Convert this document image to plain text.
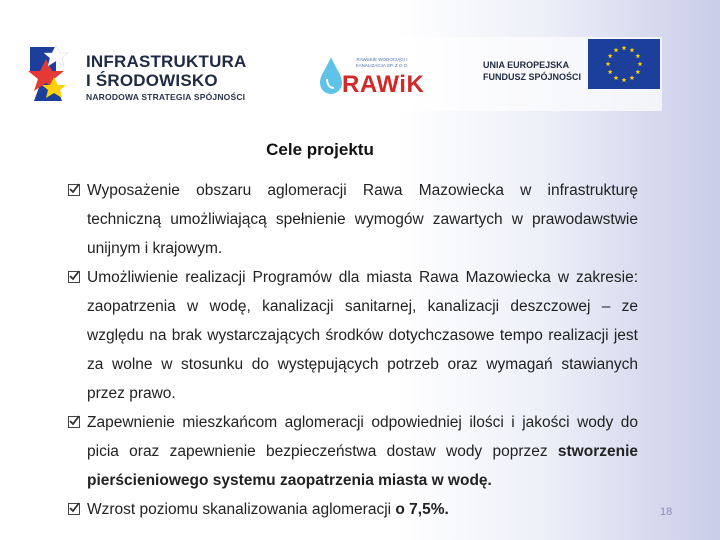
INFRASTRUKTURA
I ŚRODOWISKO
NARODOWA STRATEGIA SPÓJNOŚCI
RAWSKIE WODOCIĄGI I KANALIZACJA SP. Z O.O.
RAWiK
UNIA EUROPEJSKA
FUNDUSZ SPÓJNOŚCI
Cele projektu

Wyposażenie obszaru aglomeracji Rawa Mazowiecka w infrastrukturę techniczną umożliwiającą spełnienie wymogów zawartych w prawodawstwie unijnym i krajowym.

Umożliwienie realizacji Programów dla miasta Rawa Mazowiecka w zakresie: zaopatrzenia w wodę, kanalizacji sanitarnej, kanalizacji deszczowej – ze względu na brak wystarczających środków dotychczasowe tempo realizacji jest za wolne w stosunku do występujących potrzeb oraz wymagań stawianych przez prawo.

Zapewnienie mieszkańcom aglomeracji odpowiedniej ilości i jakości wody do picia oraz zapewnienie bezpieczeństwa dostaw wody poprzez stworzenie pierścieniowego systemu zaopatrzenia miasta w wodę.

Wzrost poziomu skanalizowania aglomeracji o 7,5%.	18
